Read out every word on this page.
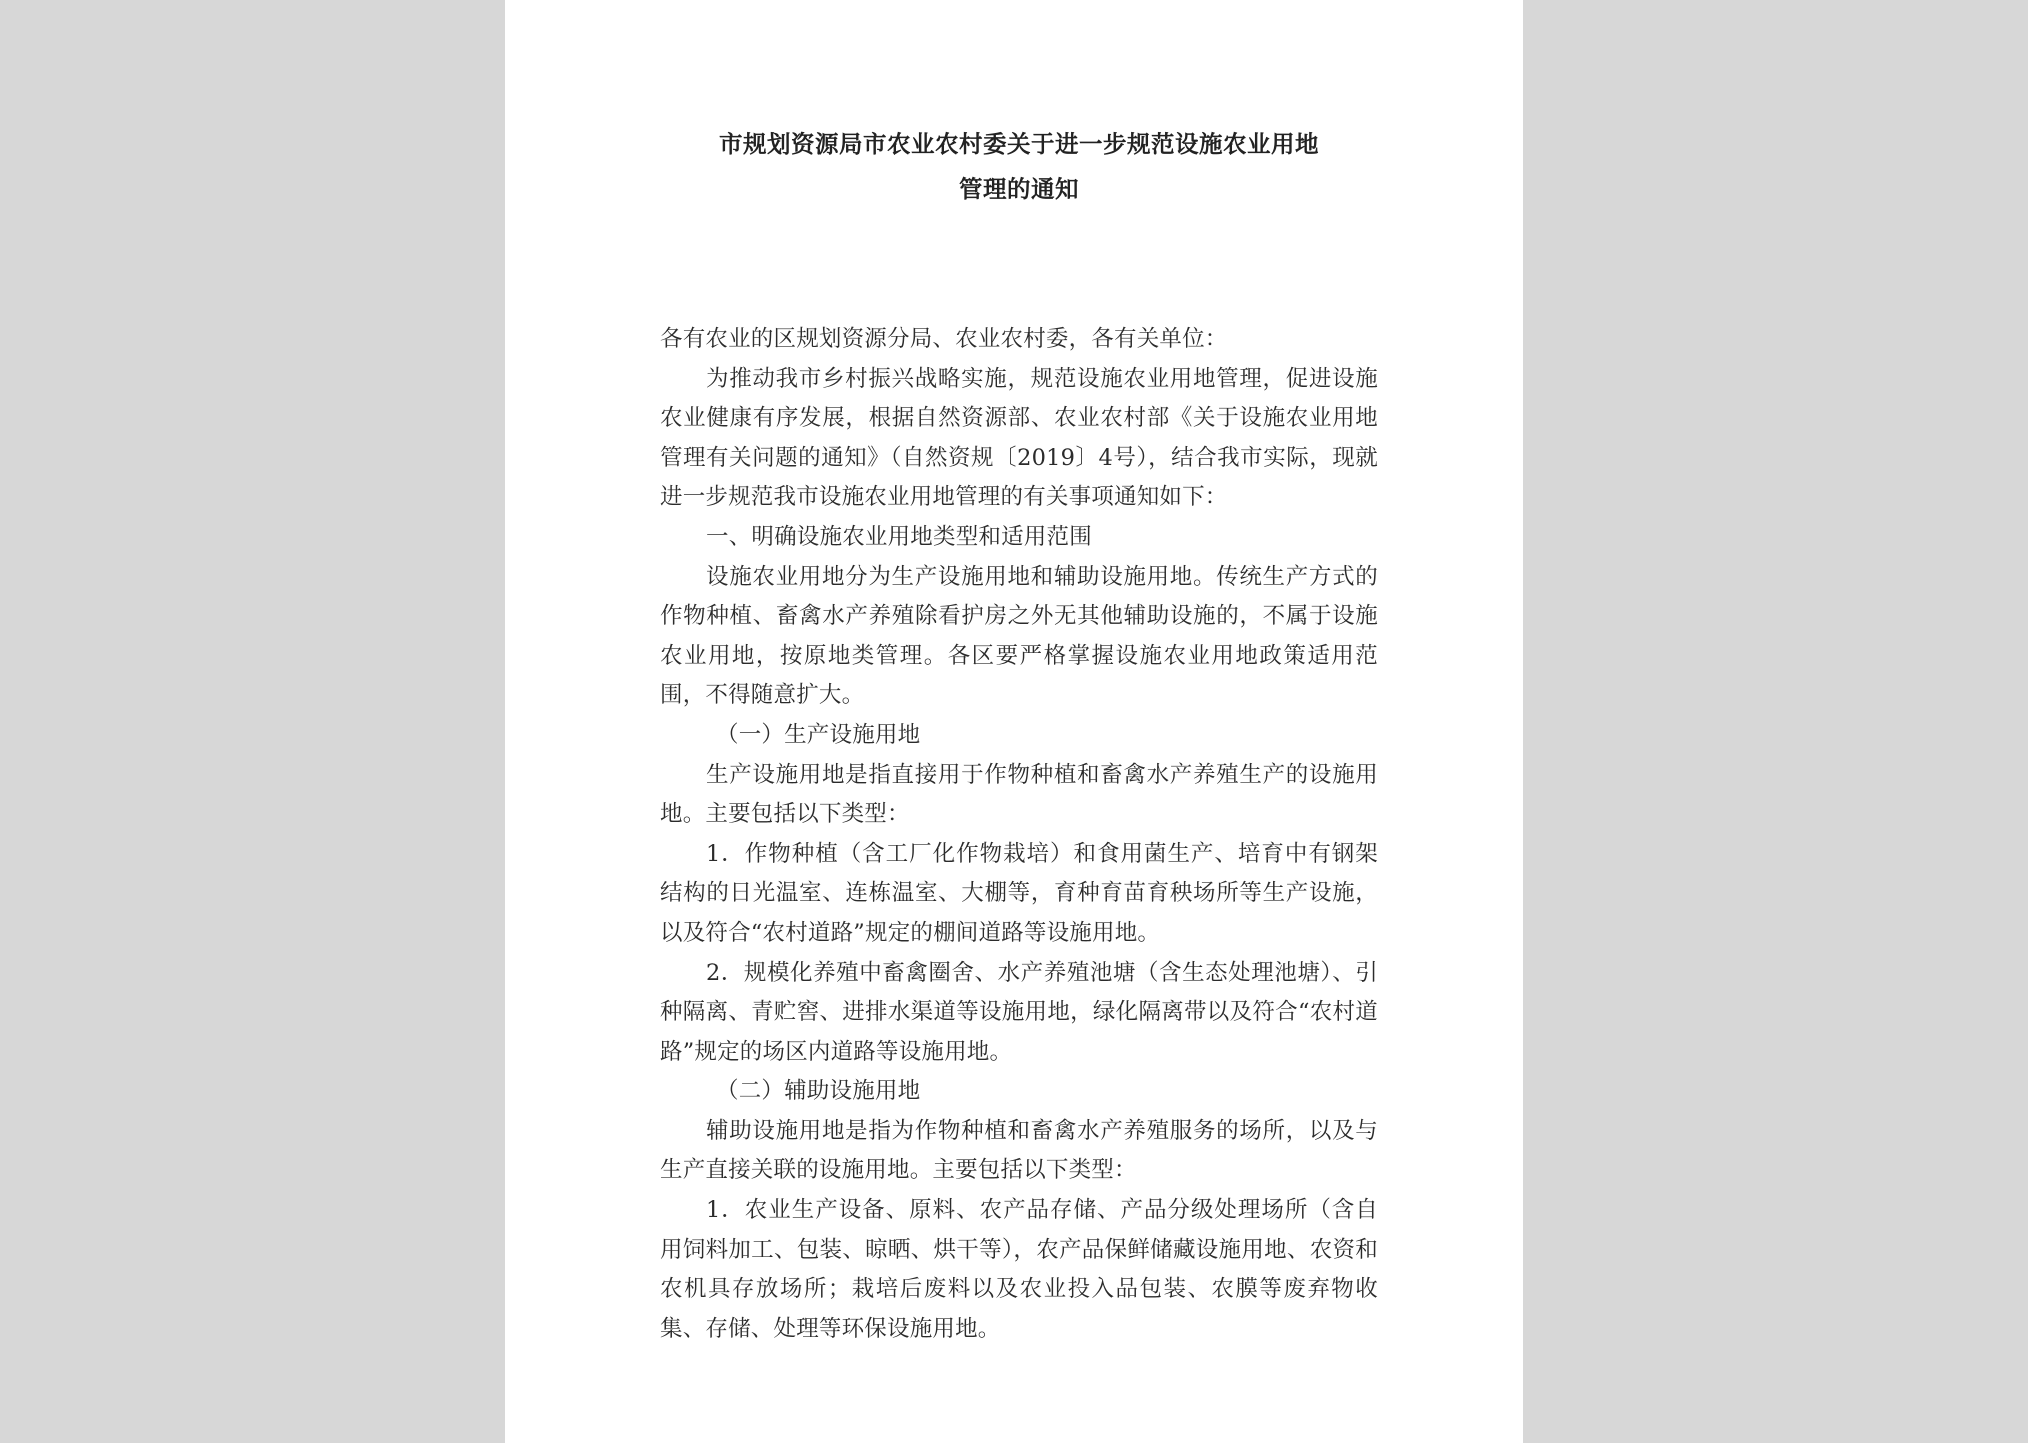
市规划资源局市农业农村委关于进一步规范设施农业用地
管理的通知

各有农业的区规划资源分局、农业农村委，各有关单位：

为推动我市乡村振兴战略实施，规范设施农业用地管理，促进设施农业健康有序发展，根据自然资源部、农业农村部《关于设施农业用地管理有关问题的通知》（自然资规〔2019〕4号），结合我市实际，现就进一步规范我市设施农业用地管理的有关事项通知如下：

一、明确设施农业用地类型和适用范围

设施农业用地分为生产设施用地和辅助设施用地。传统生产方式的作物种植、畜禽水产养殖除看护房之外无其他辅助设施的，不属于设施农业用地，按原地类管理。各区要严格掌握设施农业用地政策适用范围，不得随意扩大。

（一）生产设施用地

生产设施用地是指直接用于作物种植和畜禽水产养殖生产的设施用地。主要包括以下类型：

1．作物种植（含工厂化作物栽培）和食用菌生产、培育中有钢架结构的日光温室、连栋温室、大棚等，育种育苗育秧场所等生产设施，以及符合“农村道路”规定的棚间道路等设施用地。

2．规模化养殖中畜禽圈舍、水产养殖池塘（含生态处理池塘）、引种隔离、青贮窖、进排水渠道等设施用地，绿化隔离带以及符合“农村道路”规定的场区内道路等设施用地。

（二）辅助设施用地

辅助设施用地是指为作物种植和畜禽水产养殖服务的场所，以及与生产直接关联的设施用地。主要包括以下类型：

1．农业生产设备、原料、农产品存储、产品分级处理场所（含自用饲料加工、包装、晾晒、烘干等），农产品保鲜储藏设施用地、农资和农机具存放场所；栽培后废料以及农业投入品包装、农膜等废弃物收集、存储、处理等环保设施用地。
